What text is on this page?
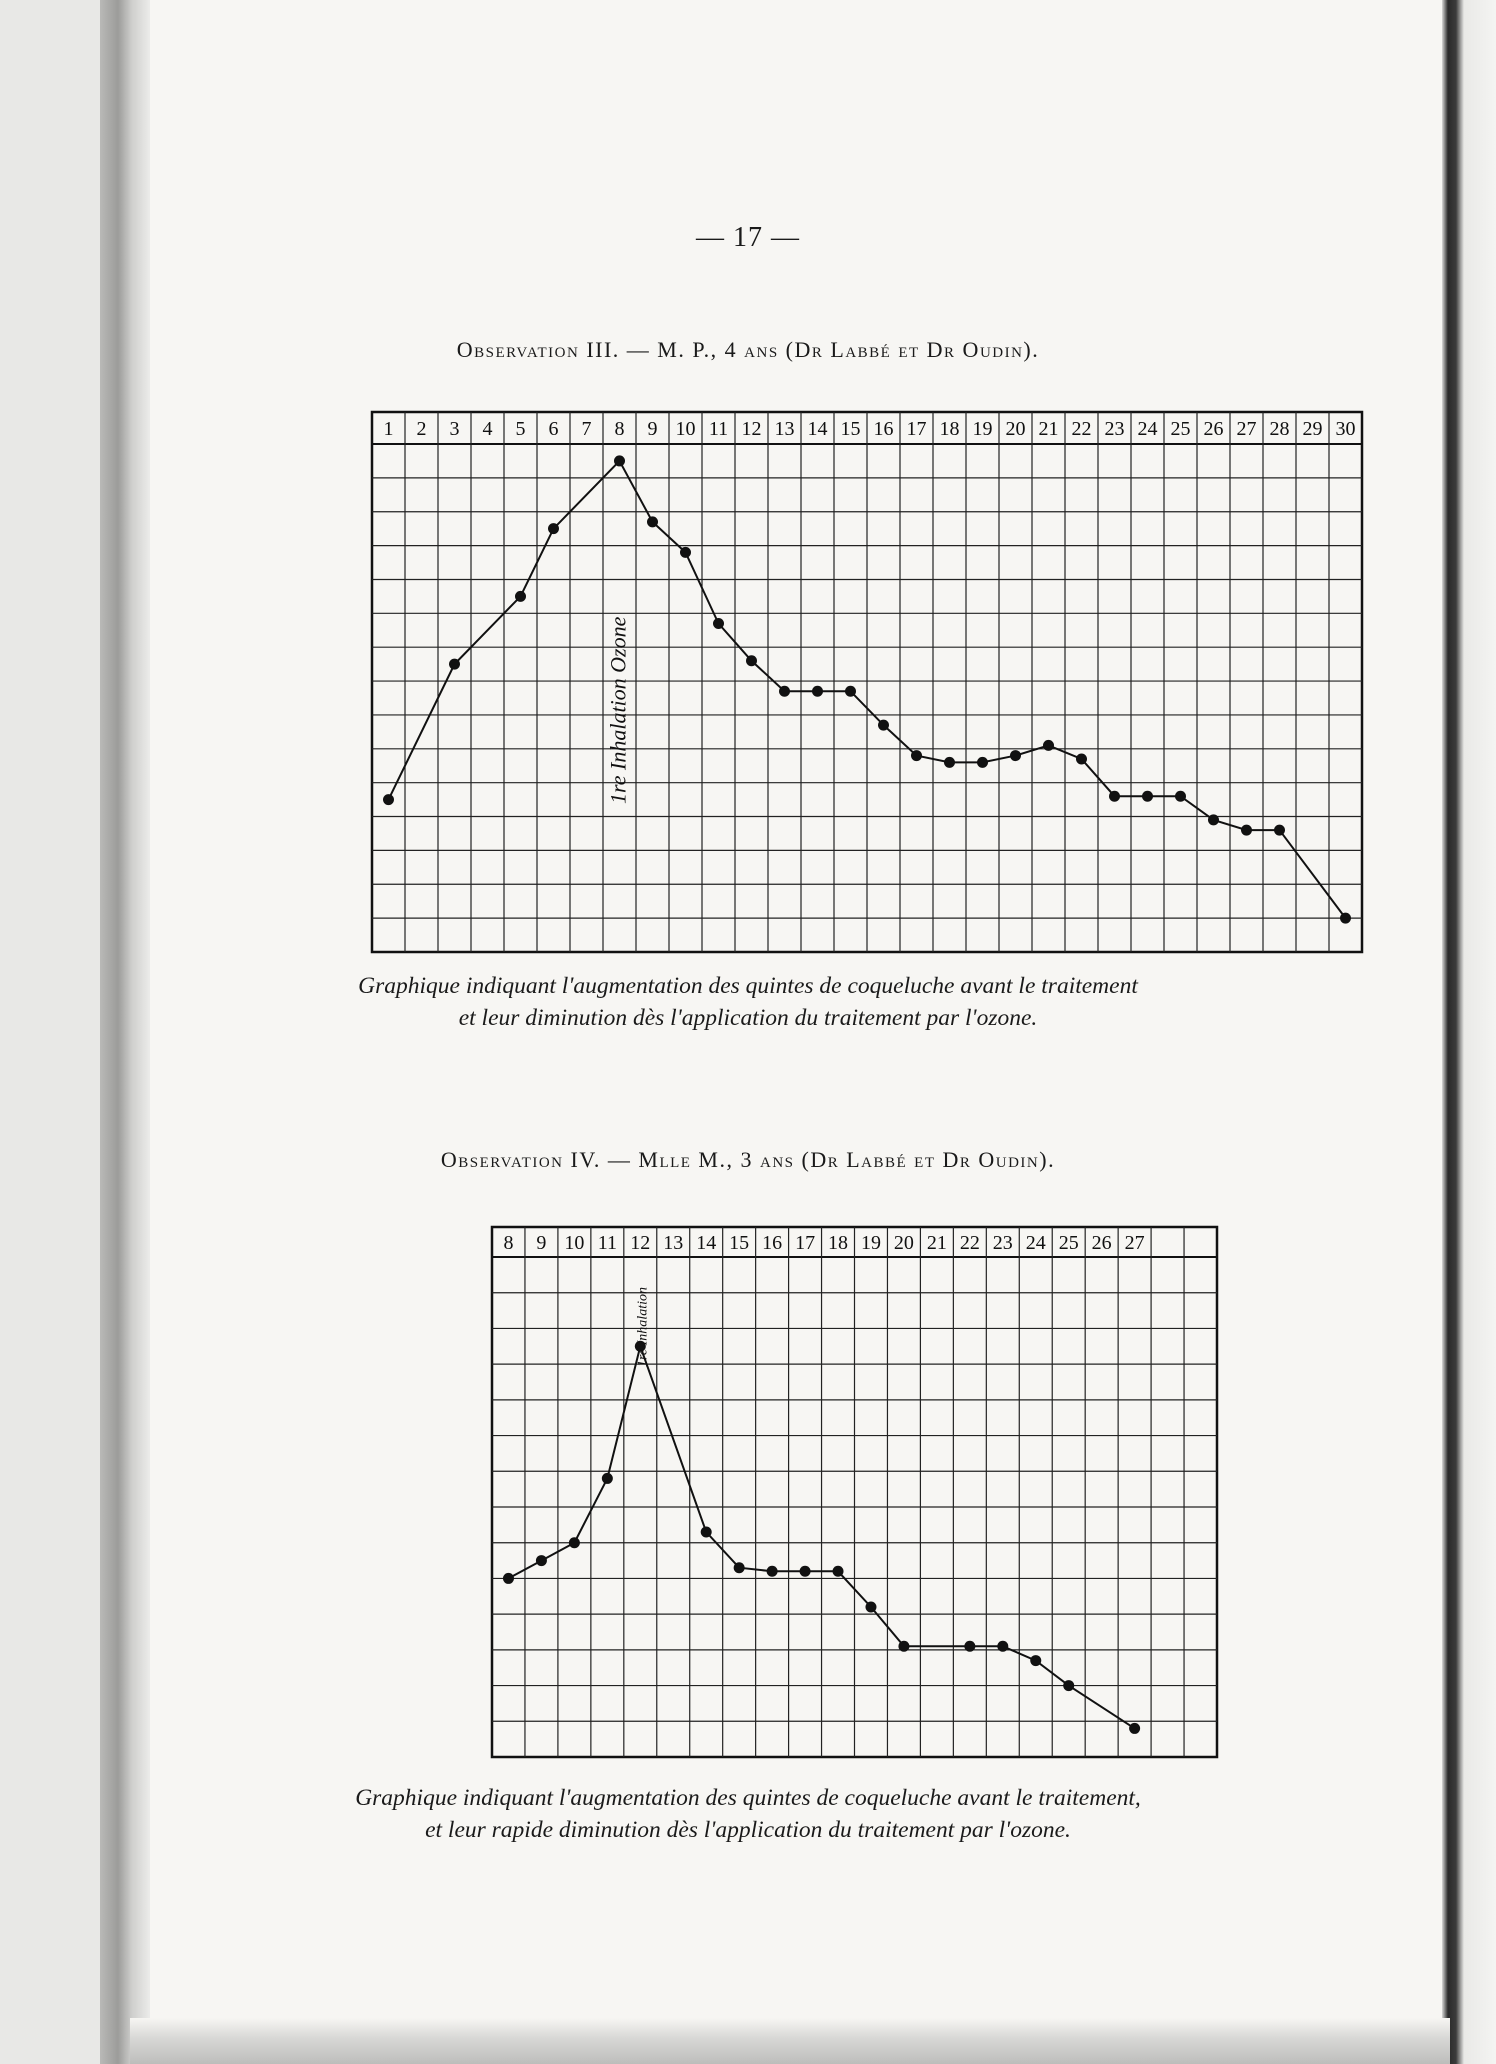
— 17 —
Observation III. — M. P., 4 ans (Dr Labbé et Dr Oudin).
1 2 3 4 5 6 7 8 9 10 11 12 13 14 15 16 17 18 19 20 21 22 23 24 25 26 27 28 29 30
1re Inhalation Ozone
Graphique indiquant l'augmentation des quintes de coqueluche avant le traitement
et leur diminution dès l'application du traitement par l'ozone.
Observation IV. — Mlle M., 3 ans (Dr Labbé et Dr Oudin).
8 9 10 11 12 13 14 15 16 17 18 19 20 21 22 23 24 25 26 27
1re Inhalation
Graphique indiquant l'augmentation des quintes de coqueluche avant le traitement,
et leur rapide diminution dès l'application du traitement par l'ozone.
